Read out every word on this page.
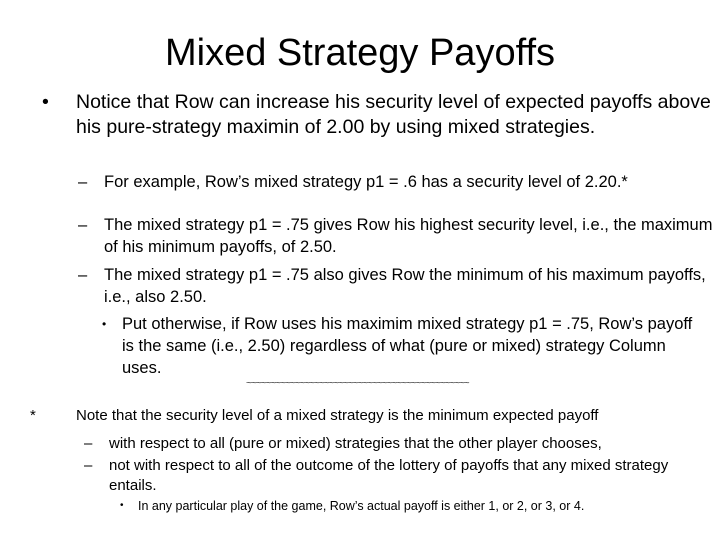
Mixed Strategy Payoffs
• Notice that Row can increase his security level of expected payoffs above his pure-strategy maximin of 2.00 by using mixed strategies.
– For example, Row’s mixed strategy p1 = .6 has a security level of 2.20.*
– The mixed strategy p1 = .75 gives Row his highest security level, i.e., the maximum of his minimum payoffs, of 2.50.
– The mixed strategy p1 = .75 also gives Row the minimum of his maximum payoffs, i.e., also 2.50.
• Put otherwise, if Row uses his maximim mixed strategy p1 = .75, Row’s payoff is the same (i.e., 2.50) regardless of what (pure or mixed) strategy Column uses.
~~~~~~~~~~~~~~~~~~~~~~~~~~~~~~~~~~~~~~~~~~~~~~
*	Note that the security level of a mixed strategy is the minimum expected payoff
– with respect to all (pure or mixed) strategies that the other player chooses,
– not with respect to all of the outcome of the lottery of payoffs that any mixed strategy entails.
• In any particular play of the game, Row’s actual payoff is either 1, or 2, or 3, or 4.
